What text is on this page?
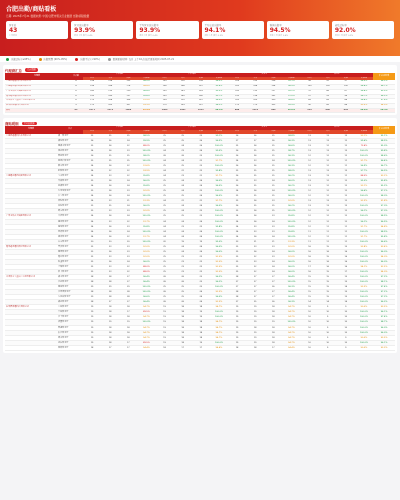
合肥出勤/商贴看板
日期: 2025年7月21 数据来源: 中国/合肥市相关行业数据 出勤/商贴数据
营业员
43
上月对比
营业员出勤率
93.9%
对比上月 提升 0.4%
平均营业员出勤率
93.9%
对比上月 提升 0.4%
平均店员出勤率
94.1%
对比上月 提升 0.3%
整体出勤率
94.5%
对比上月 提升 0.4%
商贴达标率
92.0%
对比上月 提升 0.2%
出勤达标 (≥95%)	出勤预警 (90%-95%)	出勤不足 (<90%)	数据更新时间: 每日 上午10点/最后更新时间 2025-07-21
代理商汇总	门店数据
代理商	门店数	下午/晚1				下午/晚2				营业1				营业2				汇总达标率
		应出	实出	出勤	出勤率	应出	实出	出勤	出勤率	应出	实出	出勤	出勤率	应出	实出	出勤	出勤率	
上海德鑫通信技术有限公司	8	198	198	195	98.5%	199	195	194	98.5%	206	195	196	95.1%	98	92	97	98.9%	98.3%
上海通达通讯设备有限公司	8	196	184	174	94.4%	196	186	187	95.6%	200	188	194	96.9%	100	100	100	98.8%	96.7%
广州电信人力资源有限公司	6	140	135	130	96.4%	150	143	143	95.3%	143	133	137	95.2%	70	66	67	96.8%	95.9%
赣州鑫泰通信器材有限公司	6	150	140	137	95.8%	150	140	140	95.7%	150	136	142	97.0%	97	93	96	96.7%	96.3%
中美信宏（重庆）电讯有限公司	6	170	168	166	91.9%	154	155	147	96.0%	165	160	160	96.8%	89	89	88	98.8%	97.6%
杭州赛能通科技有限公司	9	170	163	167	93.3%	170	163	167	98.2%	170	170	163	95.9%	90	85	88	93.5%	94.0%
合计	43	1071	1073	1066	93.9%	1069	1061	1012	96.3%	888	1013	980	95.0%	533	496	493	96.8%	96.3%
商贴明细	营业员数据
代理商	门店	下午/晚1				下午/晚2				营业1				营业2				汇总达标率
		应出	实出	出勤	出勤率	应出	实出	出勤	出勤率	应出	实出	出勤	出勤率	应出	实出	出勤	出勤率	
上海德鑫通信技术有限公司	浦一营业厅	25	25	25	98.5%	25	25	25	99.1%	26	26	25	98.8%	13	13	13	93.1%	95.1%
	浦东营业厅	26	26	24	99.9%	25	25	26	96.3%	27	27	26	96.3%	13	13	12	99.6%	98.9%
	南浦中营业厅	25	24	22	88.0%	25	24	26	100.0%	25	24	25	96.6%	13	12	12	73.4%	95.0%
	闸北营业厅	24	24	23	100.0%	24	23	24	99.5%	26	25	25	98.7%	13	13	13	100.0%	99.8%
	曹杨营业厅	26	25	25	98.0%	26	26	25	100.0%	26	24	25	96.3%	12	12	12	100.0%	98.6%
	徐家汇营业厅	25	25	25	100.0%	24	24	22	91.7%	24	23	24	100.0%	12	12	11	91.7%	96.4%
	静安营业厅	24	24	22	91.6%	25	25	25	100.0%	26	26	25	96.3%	12	12	11	96.9%	96.7%
	虹桥营业厅	24	22	22	93.9%	24	22	23	95.8%	25	25	25	98.0%	13	13	13	97.7%	96.9%
上海通达通讯设备有限公司	宝山营业厅	24	23	22	95.8%	24	23	22	91.7%	26	25	25	96.2%	13	13	11	88.0%	93.2%
	吴淞营业厅	25	24	24	96.0%	25	24	24	96.0%	25	23	24	96.0%	13	12	12	95.0%	95.8%
	杨浦营业厅	24	24	24	95.8%	25	24	24	96.0%	26	25	25	96.2%	13	12	12	93.1%	95.3%
	五角场营业厅	25	24	23	92.0%	25	24	25	100.0%	24	24	24	100.0%	12	12	12	96.6%	97.2%
	长宁营业厅	24	24	24	100.0%	25	25	24	96.0%	25	25	25	96.0%	12	12	12	100.0%	98.0%
	普陀营业厅	24	23	21	91.3%	24	22	22	91.7%	25	24	23	92.0%	13	13	12	92.3%	91.8%
	真如营业厅	25	25	24	96.0%	25	24	24	96.0%	26	25	25	96.2%	13	13	13	100.0%	97.0%
	嘉定营业厅	25	23	23	92.0%	25	24	25	100.0%	25	24	25	100.0%	12	12	12	96.1%	97.0%
广州电信人力资源有限公司	天河营业厅	24	24	24	100.0%	25	25	25	100.0%	24	24	23	95.8%	12	12	12	100.0%	98.9%
	越秀营业厅	24	23	22	91.7%	24	24	24	100.0%	24	24	24	100.0%	12	12	12	96.1%	96.9%
	海珠营业厅	24	24	23	95.8%	24	23	23	95.8%	24	23	23	95.8%	12	11	11	91.7%	94.8%
	荔湾营业厅	24	24	24	100.0%	24	24	24	100.0%	24	23	23	95.8%	11	11	11	100.0%	98.9%
	番禺营业厅	24	24	22	91.7%	24	24	24	100.0%	24	24	24	100.0%	12	11	11	91.7%	95.8%
	白云营业厅	20	20	20	100.0%	20	19	19	95.0%	23	21	21	91.3%	11	11	11	100.0%	96.6%
赣州鑫泰通信器材有限公司	章贡营业厅	25	23	23	92.0%	25	24	24	96.0%	25	23	23	92.0%	16	15	15	93.8%	93.4%
	南康营业厅	25	24	23	92.0%	25	24	24	96.0%	25	24	24	96.0%	16	16	16	100.0%	96.0%
	赣县营业厅	25	23	23	92.0%	25	23	23	92.0%	25	22	23	92.0%	16	15	16	100.0%	94.0%
	瑞金营业厅	25	24	24	96.0%	25	23	23	92.0%	25	23	24	96.0%	16	16	16	100.0%	96.0%
	于都营业厅	25	23	22	88.0%	25	23	23	92.0%	25	22	24	96.0%	17	16	16	94.1%	92.5%
	信丰营业厅	25	23	22	88.0%	25	23	23	92.0%	25	22	24	96.0%	16	15	17	100.0%	94.0%
中美信宏（重庆）电讯有限公司	渝中营业厅	28	28	27	96.4%	26	26	25	96.2%	28	27	27	96.4%	15	15	15	100.0%	97.3%
	江北营业厅	28	28	27	96.4%	26	26	25	96.2%	27	27	27	100.0%	15	15	15	100.0%	98.1%
	南岸营业厅	29	29	29	100.0%	25	25	25	100.0%	27	27	26	96.3%	15	15	14	93.3%	97.4%
	沙坪坝营业厅	28	28	28	100.0%	26	25	24	92.3%	28	27	27	96.4%	15	15	15	100.0%	97.2%
	九龙坡营业厅	29	28	28	96.6%	25	25	24	96.0%	28	27	27	96.4%	15	15	15	100.0%	97.3%
	渝北营业厅	28	27	27	96.4%	26	26	24	92.3%	27	25	26	96.3%	14	14	14	100.0%	96.3%
杭州赛能通科技有限公司	上城营业厅	19	18	18	94.7%	19	18	18	94.7%	19	19	18	94.7%	10	9	9	90.0%	93.5%
	下城营业厅	19	18	17	89.5%	19	18	19	100.0%	19	19	18	94.7%	10	10	10	100.0%	96.1%
	江干营业厅	19	18	18	94.7%	19	18	19	100.0%	19	19	18	94.7%	10	9	10	100.0%	97.4%
	拱墅营业厅	19	19	19	100.0%	19	18	18	94.7%	19	19	19	100.0%	10	10	10	100.0%	98.7%
	西湖营业厅	19	18	18	94.7%	19	18	18	94.7%	19	18	18	94.7%	10	9	10	100.0%	96.0%
	滨江营业厅	19	18	18	94.7%	19	18	18	94.7%	19	19	18	94.7%	10	10	10	100.0%	96.0%
	萧山营业厅	19	18	18	94.7%	19	18	18	94.7%	19	19	18	94.7%	10	9	9	90.0%	93.5%
	余杭营业厅	19	18	17	89.5%	19	18	19	100.0%	19	19	18	94.7%	10	10	10	100.0%	96.1%
	富阳营业厅	18	17	17	94.4%	18	17	17	94.4%	18	18	17	94.4%	10	9	9	90.0%	93.3%
